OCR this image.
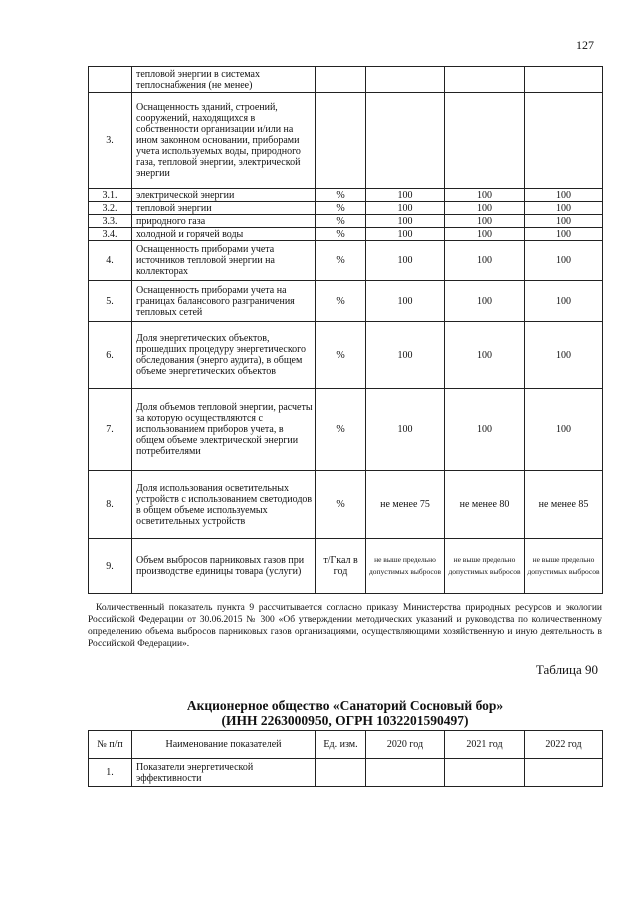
127
	тепловой энергии в системах теплоснабжения (не менее)				
3.	Оснащенность зданий, строений, сооружений, находящихся в собственности организации и/или на ином законном основании, приборами учета используемых воды, природного газа, тепловой энергии, электрической энергии				
3.1.	электрической энергии	%	100	100	100
3.2.	тепловой энергии	%	100	100	100
3.3.	природного газа	%	100	100	100
3.4.	холодной и горячей воды	%	100	100	100
4.	Оснащенность приборами учета источников тепловой энергии на коллекторах	%	100	100	100
5.	Оснащенность приборами учета на границах балансового разграничения тепловых сетей	%	100	100	100
6.	Доля энергетических объектов, прошедших процедуру энергетического обследования (энерго аудита), в общем объеме энергетических объектов	%	100	100	100
7.	Доля объемов тепловой энергии, расчеты за которую осуществляются с использованием приборов учета, в общем объеме электрической энергии потребителями	%	100	100	100
8.	Доля использования осветительных устройств с использованием светодиодов в общем объеме используемых осветительных устройств	%	не менее 75	не менее 80	не менее 85
9.	Объем выбросов парниковых газов при производстве единицы товара (услуги)	т/Гкал в год	не выше предельно допустимых выбросов	не выше предельно допустимых выбросов	не выше предельно допустимых выбросов
Количественный показатель пункта 9 рассчитывается согласно приказу Министерства природных ресурсов и экологии Российской Федерации от 30.06.2015 № 300 «Об утверждении методических указаний и руководства по количественному определению объема выбросов парниковых газов организациями, осуществляющими хозяйственную и иную деятельность в Российской Федерации».
Таблица 90
Акционерное общество «Санаторий Сосновый бор»
(ИНН 2263000950, ОГРН 1032201590497)
№ п/п	Наименование показателей	Ед. изм.	2020 год	2021 год	2022 год
1.	Показатели энергетической эффективности				
